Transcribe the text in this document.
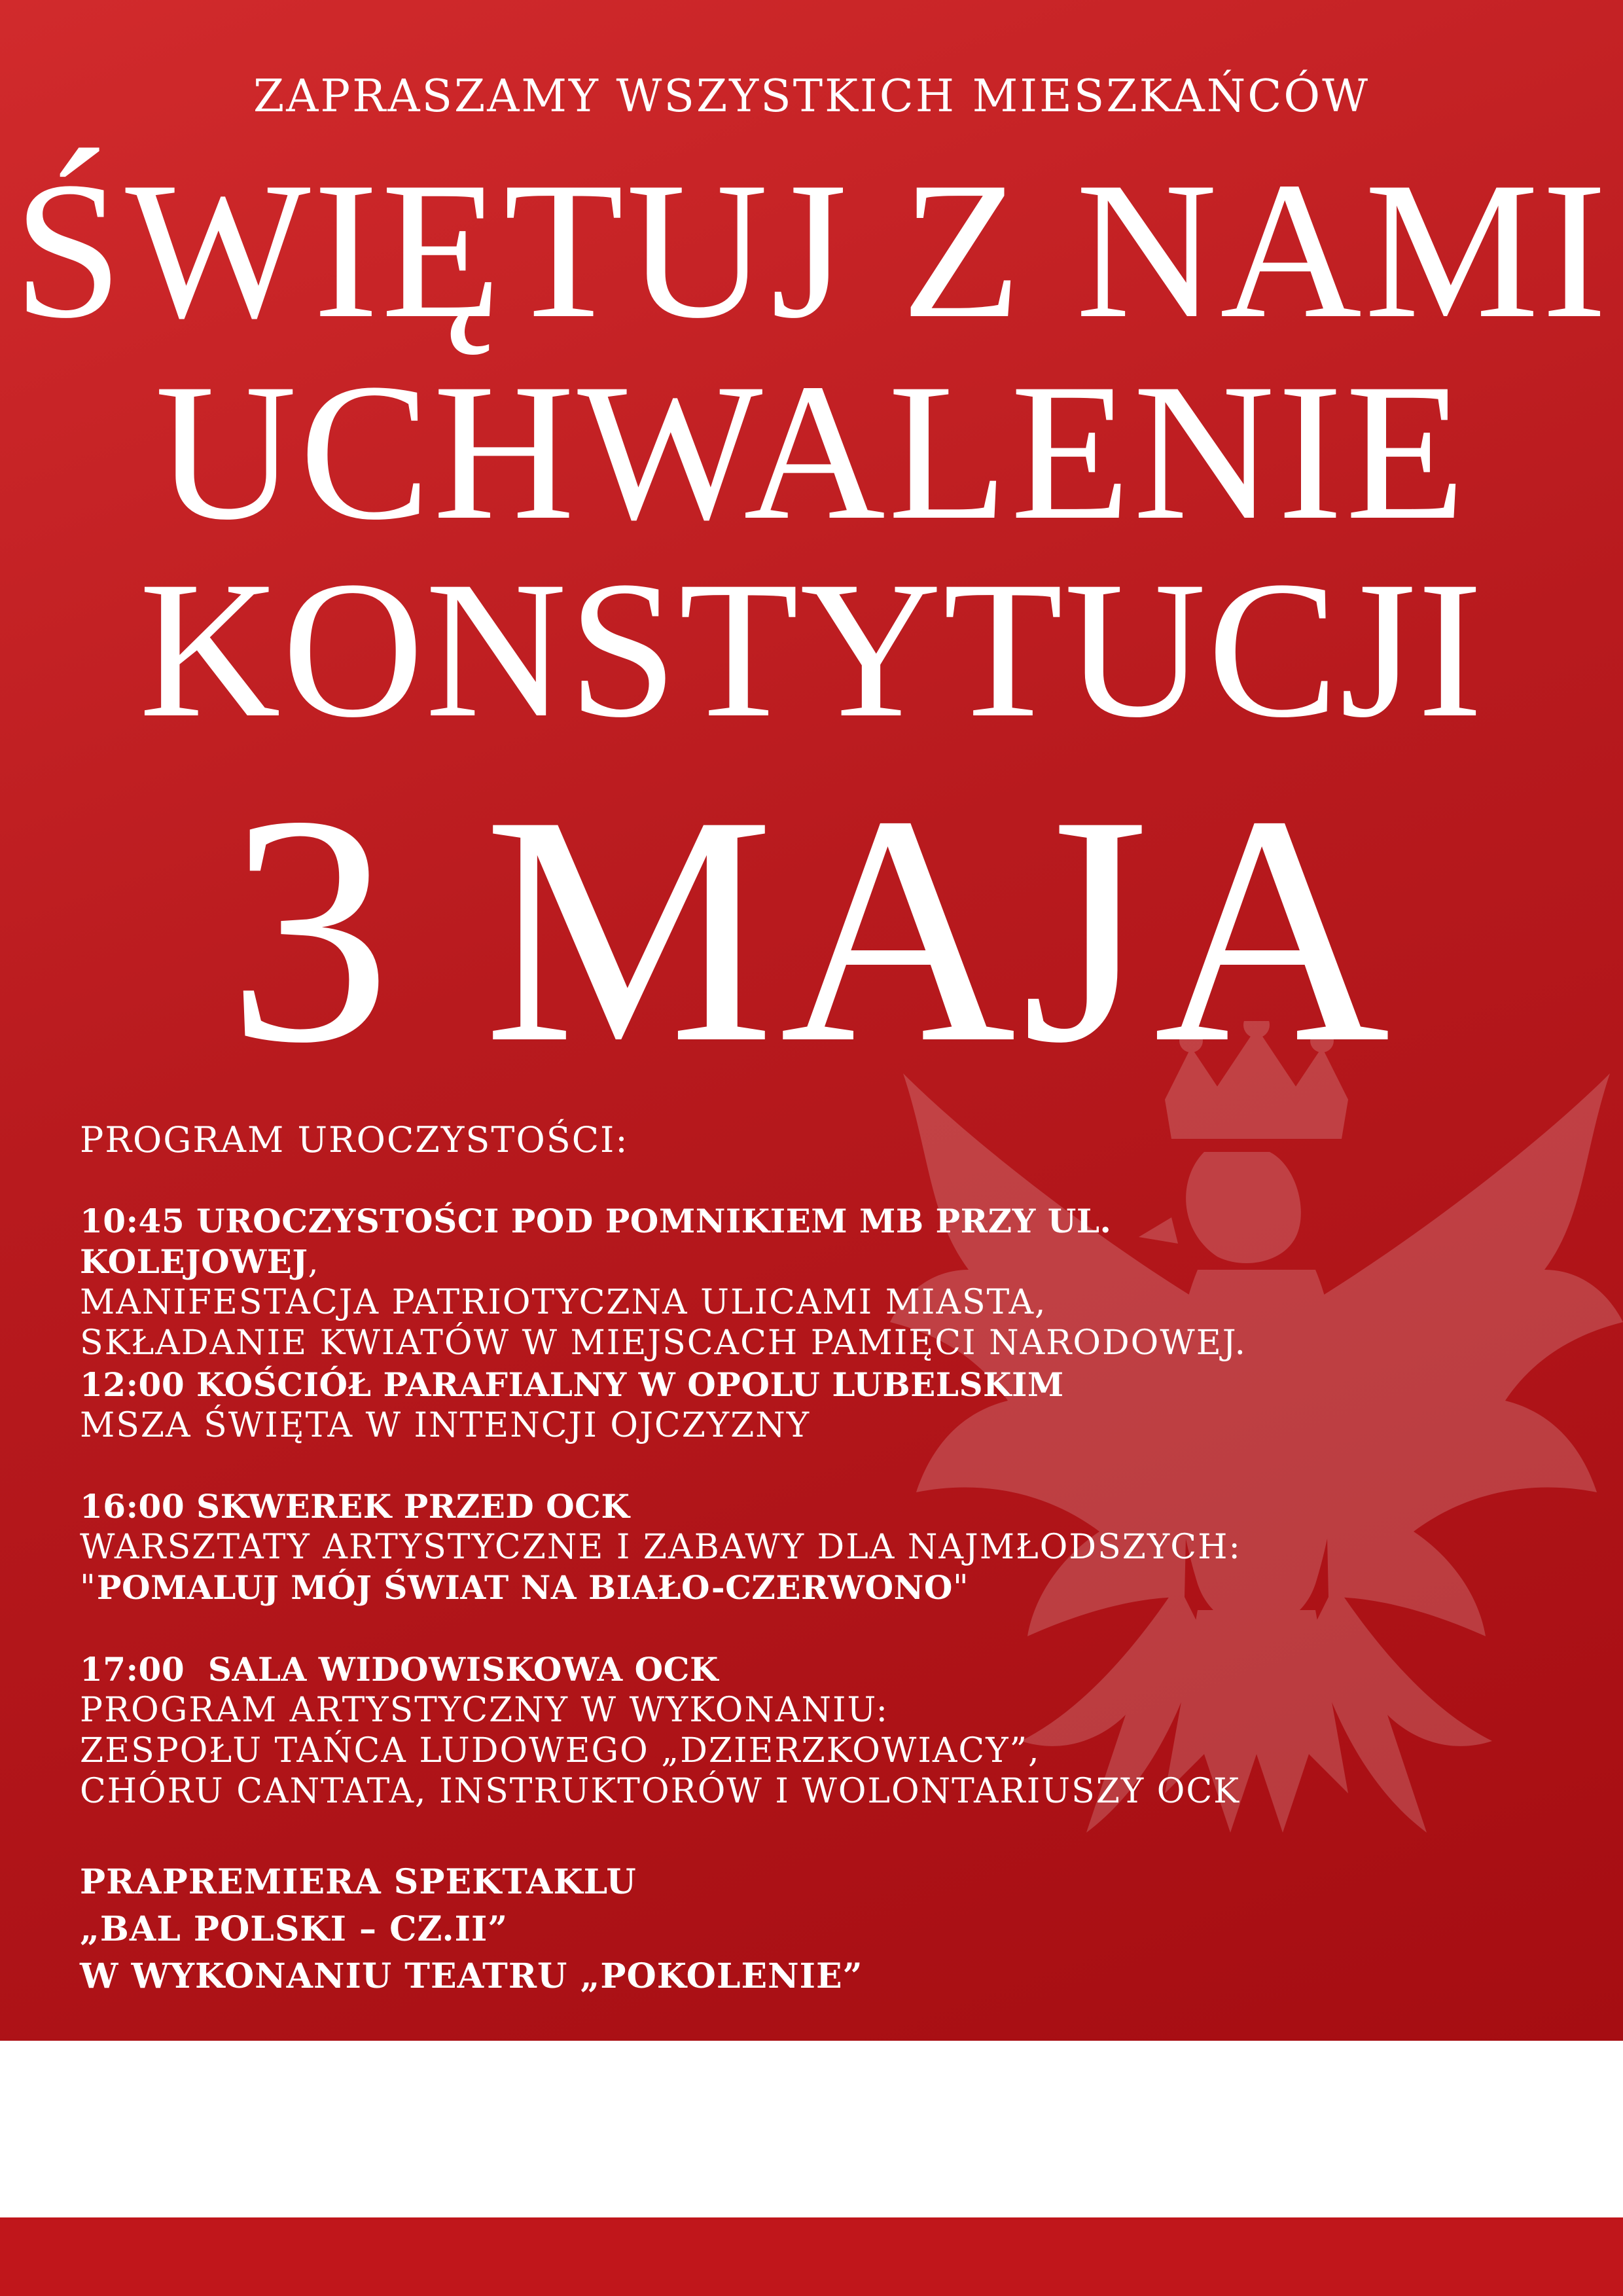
ZAPRASZAMY WSZYSTKICH MIESZKAŃCÓW
ŚWIĘTUJ Z NAMI
UCHWALENIE
KONSTYTUCJI
3 MAJA
PROGRAM UROCZYSTOŚCI:
10:45 UROCZYSTOŚCI POD POMNIKIEM MB PRZY UL. KOLEJOWEJ,
MANIFESTACJA PATRIOTYCZNA ULICAMI MIASTA,
SKŁADANIE KWIATÓW W MIEJSCACH PAMIĘCI NARODOWEJ.
12:00 KOŚCIÓŁ PARAFIALNY W OPOLU LUBELSKIM
MSZA ŚWIĘTA W INTENCJI OJCZYZNY
16:00 SKWEREK PRZED OCK
WARSZTATY ARTYSTYCZNE I ZABAWY DLA NAJMŁODSZYCH:
"POMALUJ MÓJ ŚWIAT NA BIAŁO-CZERWONO"
17:00  SALA WIDOWISKOWA OCK
PROGRAM ARTYSTYCZNY W WYKONANIU:
ZESPOŁU TAŃCA LUDOWEGO „DZIERZKOWIACY”,
CHÓRU CANTATA, INSTRUKTORÓW I WOLONTARIUSZY OCK
PRAPREMIERA SPEKTAKLU
„BAL POLSKI – CZ.II”
W WYKONANIU TEATRU „POKOLENIE”
